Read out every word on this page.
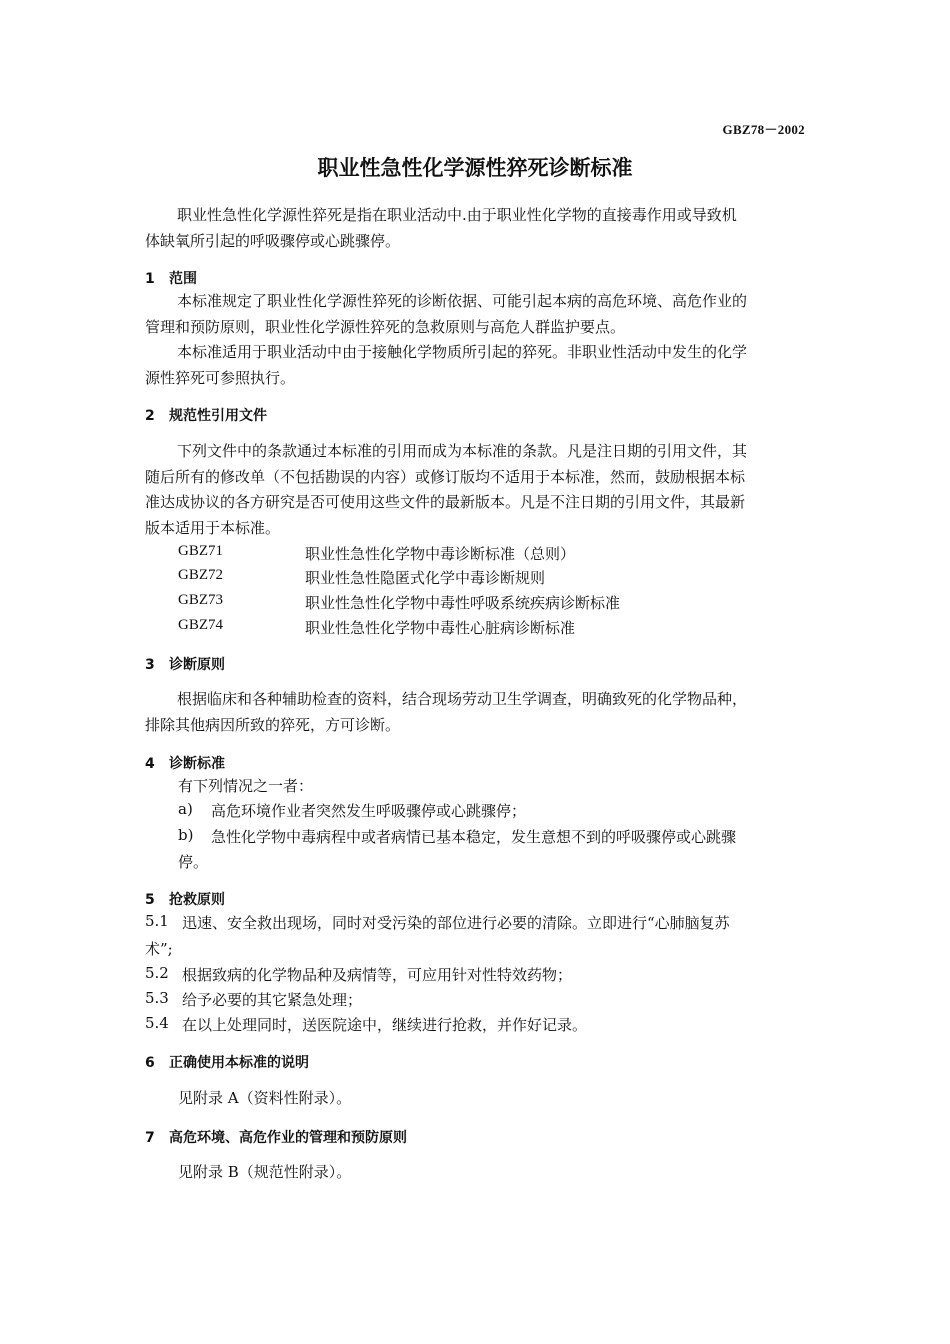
GBZ78－2002
职业性急性化学源性猝死诊断标准
职业性急性化学源性猝死是指在职业活动中.由于职业性化学物的直接毒作用或导致机
体缺氧所引起的呼吸骤停或心跳骤停。
1 范围
本标准规定了职业性化学源性猝死的诊断依据、可能引起本病的高危环境、高危作业的
管理和预防原则，职业性化学源性猝死的急救原则与高危人群监护要点。
本标准适用于职业活动中由于接触化学物质所引起的猝死。非职业性活动中发生的化学
源性猝死可参照执行。
2 规范性引用文件
下列文件中的条款通过本标准的引用而成为本标准的条款。凡是注日期的引用文件，其
随后所有的修改单（不包括勘误的内容）或修订版均不适用于本标准，然而，鼓励根据本标
准达成协议的各方研究是否可使用这些文件的最新版本。凡是不注日期的引用文件，其最新
版本适用于本标准。
GBZ71	职业性急性化学物中毒诊断标准（总则）
GBZ72	职业性急性隐匿式化学中毒诊断规则
GBZ73	职业性急性化学物中毒性呼吸系统疾病诊断标准
GBZ74	职业性急性化学物中毒性心脏病诊断标准
3 诊断原则
根据临床和各种辅助检查的资料，结合现场劳动卫生学调查，明确致死的化学物品种，
排除其他病因所致的猝死，方可诊断。
4 诊断标准
有下列情况之一者：
a) 高危环境作业者突然发生呼吸骤停或心跳骤停；
b) 急性化学物中毒病程中或者病情已基本稳定，发生意想不到的呼吸骤停或心跳骤
停。
5 抢救原则
5.1 迅速、安全救出现场，同时对受污染的部位进行必要的清除。立即进行“心肺脑复苏
术”;
5.2 根据致病的化学物品种及病情等，可应用针对性特效药物；
5.3 给予必要的其它紧急处理；
5.4 在以上处理同时，送医院途中，继续进行抢救，并作好记录。
6 正确使用本标准的说明
见附录 A（资料性附录）。
7 高危环境、高危作业的管理和预防原则
见附录 B（规范性附录）。
